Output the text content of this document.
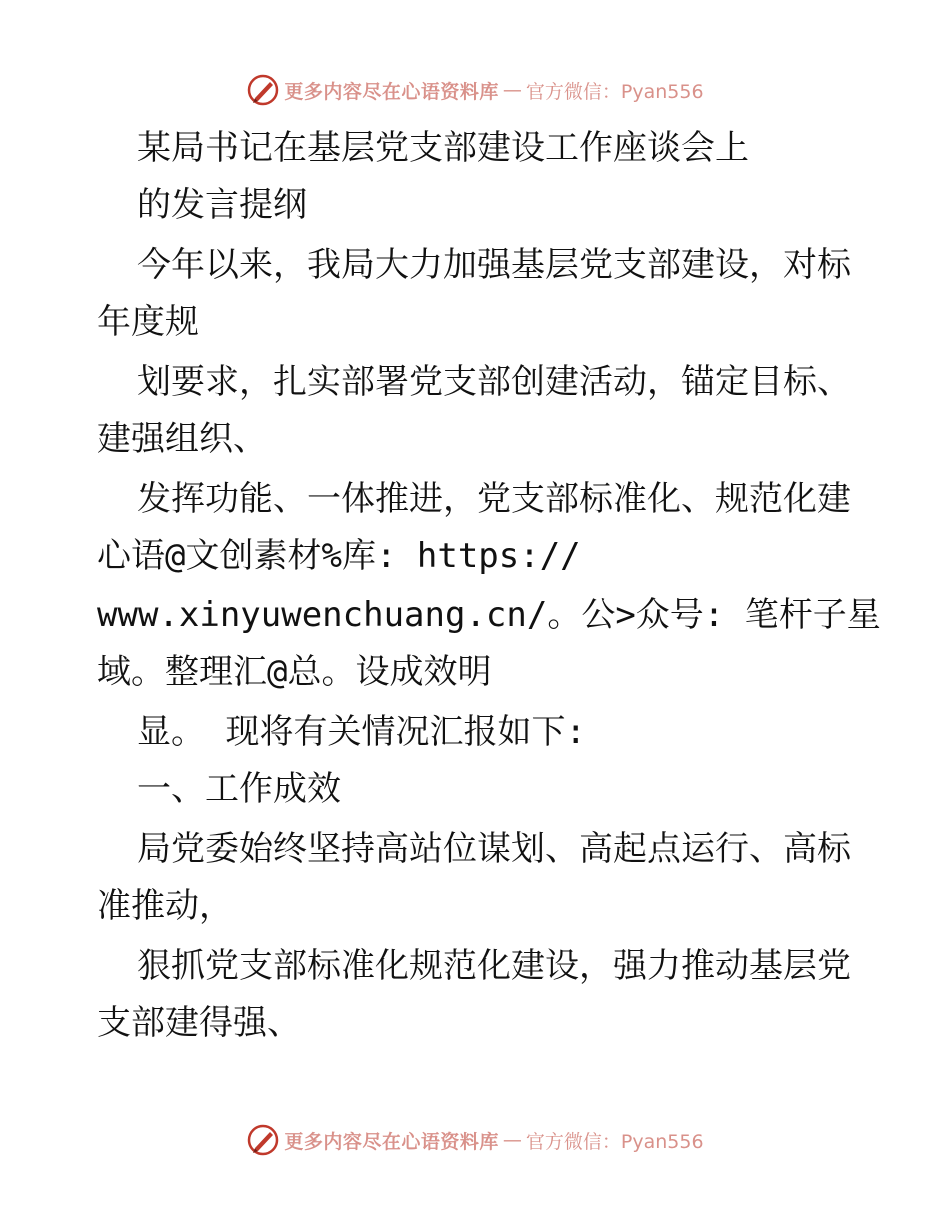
更多内容尽在心语资料库 — 官方微信：Pyan556
某局书记在基层党支部建设工作座谈会上
的发言提纲
今年以来，我局大力加强基层党支部建设，对标
年度规
划要求，扎实部署党支部创建活动，锚定目标、
建强组织、
发挥功能、一体推进，党支部标准化、规范化建
心语@文创素材%库: https://
www.xinyuwenchuang.cn/。公>众号: 笔杆子星
域。整理汇@总。设成效明
显。 现将有关情况汇报如下:
一、工作成效
局党委始终坚持高站位谋划、高起点运行、高标
准推动，
狠抓党支部标准化规范化建设，强力推动基层党
支部建得强、
更多内容尽在心语资料库 — 官方微信：Pyan556
